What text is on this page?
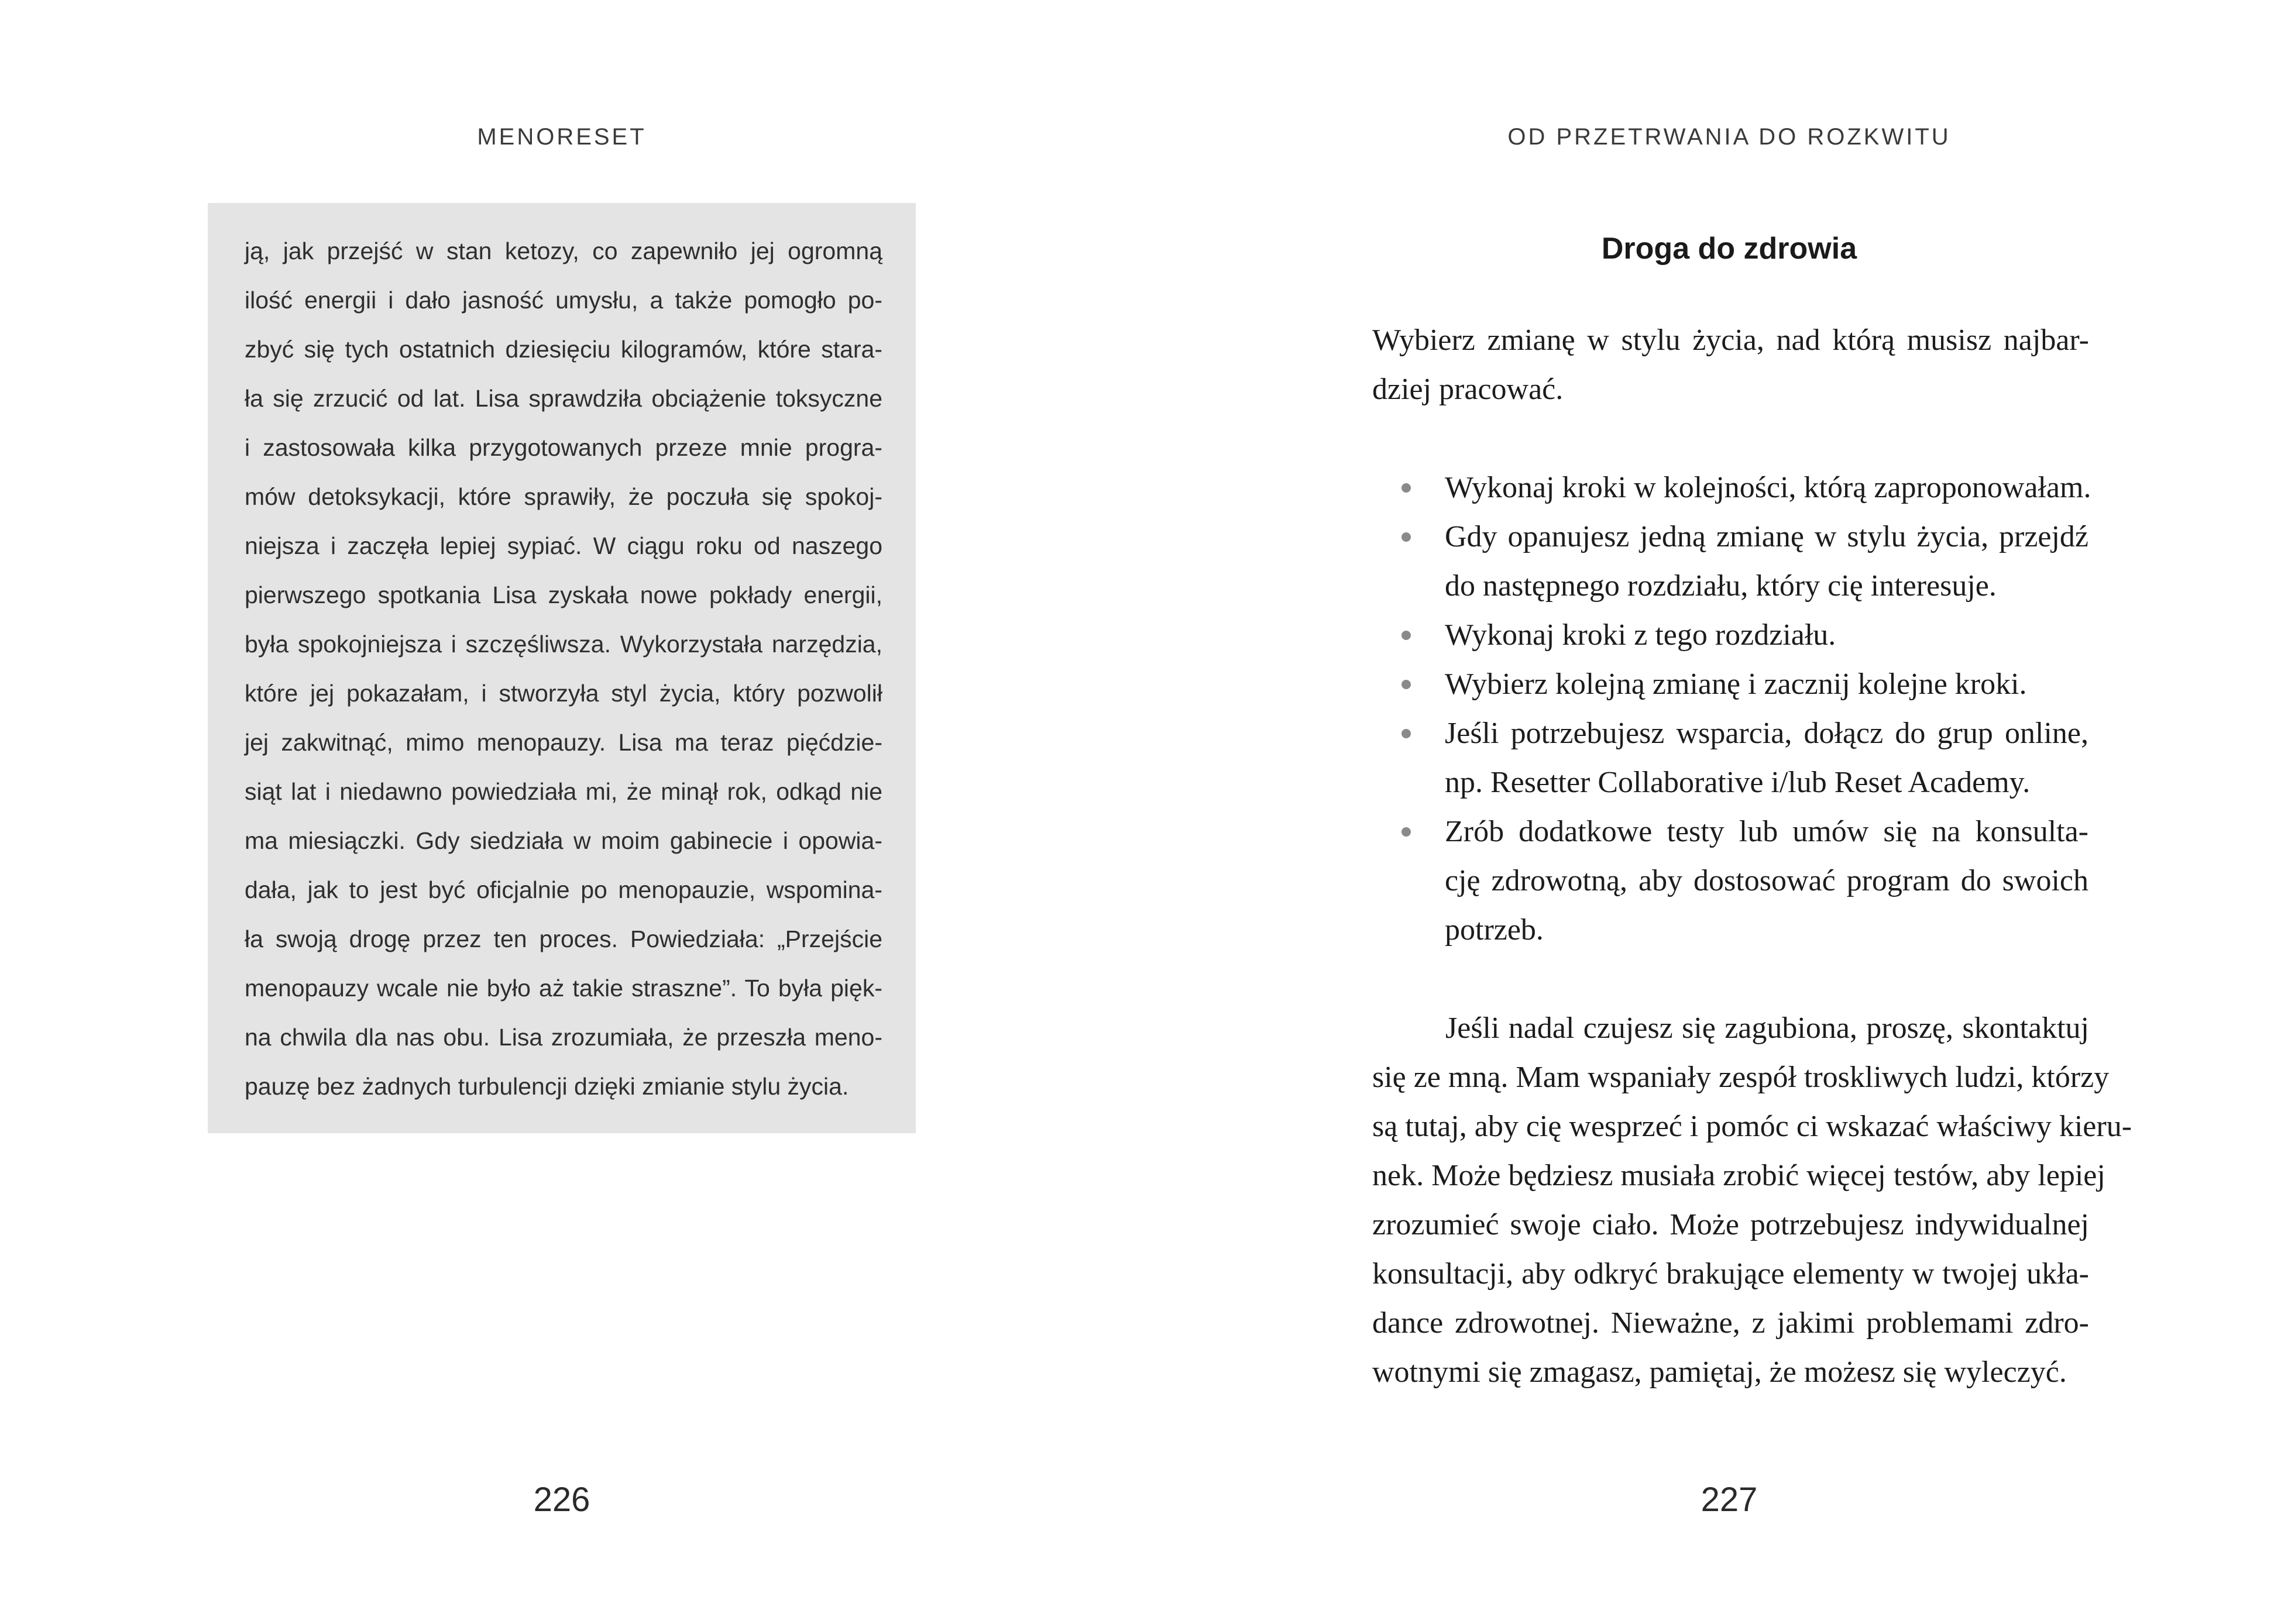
MENORESET
ją, jak przejść w stan ketozy, co zapewniło jej ogromną
ilość energii i dało jasność umysłu, a także pomogło po-
zbyć się tych ostatnich dziesięciu kilogramów, które stara-
ła się zrzucić od lat. Lisa sprawdziła obciążenie toksyczne
i zastosowała kilka przygotowanych przeze mnie progra-
mów detoksykacji, które sprawiły, że poczuła się spokoj-
niejsza i zaczęła lepiej sypiać. W ciągu roku od naszego
pierwszego spotkania Lisa zyskała nowe pokłady energii,
była spokojniejsza i szczęśliwsza. Wykorzystała narzędzia,
które jej pokazałam, i stworzyła styl życia, który pozwolił
jej zakwitnąć, mimo menopauzy. Lisa ma teraz pięćdzie-
siąt lat i niedawno powiedziała mi, że minął rok, odkąd nie
ma miesiączki. Gdy siedziała w moim gabinecie i opowia-
dała, jak to jest być oficjalnie po menopauzie, wspomina-
ła swoją drogę przez ten proces. Powiedziała: „Przejście
menopauzy wcale nie było aż takie straszne”. To była pięk-
na chwila dla nas obu. Lisa zrozumiała, że przeszła meno-
pauzę bez żadnych turbulencji dzięki zmianie stylu życia.
226
OD PRZETRWANIA DO ROZKWITU
Droga do zdrowia
Wybierz zmianę w stylu życia, nad którą musisz najbar-
dziej pracować.
Wykonaj kroki w kolejności, którą zaproponowałam.
Gdy opanujesz jedną zmianę w stylu życia, przejdź
do następnego rozdziału, który cię interesuje.
Wykonaj kroki z tego rozdziału.
Wybierz kolejną zmianę i zacznij kolejne kroki.
Jeśli potrzebujesz wsparcia, dołącz do grup online,
np. Resetter Collaborative i/lub Reset Academy.
Zrób dodatkowe testy lub umów się na konsulta-
cję zdrowotną, aby dostosować program do swoich
potrzeb.
Jeśli nadal czujesz się zagubiona, proszę, skontaktuj
się ze mną. Mam wspaniały zespół troskliwych ludzi, którzy
są tutaj, aby cię wesprzeć i pomóc ci wskazać właściwy kieru-
nek. Może będziesz musiała zrobić więcej testów, aby lepiej
zrozumieć swoje ciało. Może potrzebujesz indywidualnej
konsultacji, aby odkryć brakujące elementy w twojej ukła-
dance zdrowotnej. Nieważne, z jakimi problemami zdro-
wotnymi się zmagasz, pamiętaj, że możesz się wyleczyć.
227
